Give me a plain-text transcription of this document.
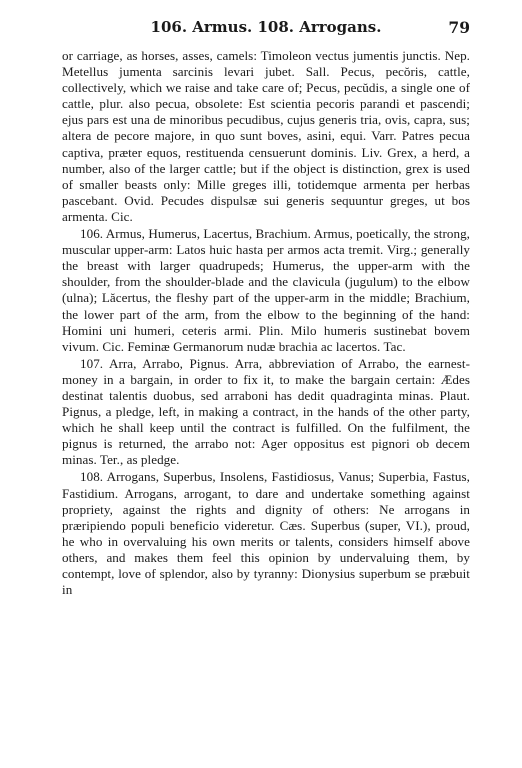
106. Armus. 108. Arrogans.	79

or carriage, as horses, asses, camels: Timoleon vectus jumentis junctis. Nep. Metellus jumenta sarcinis levari jubet. Sall. Pecus, pecŏris, cattle, collectively, which we raise and take care of; Pecus, pecŭdis, a single one of cattle, plur. also pecua, obsolete: Est scientia pecoris parandi et pascendi; ejus pars est una de minoribus pecudibus, cujus generis tria, ovis, capra, sus; altera de pecore majore, in quo sunt boves, asini, equi. Varr. Patres pecua captiva, præter equos, restituenda censuerunt dominis. Liv. Grex, a herd, a number, also of the larger cattle; but if the object is distinction, grex is used of smaller beasts only: Mille greges illi, totidemque armenta per herbas pascebant. Ovid. Pecudes dispulsæ sui generis sequuntur greges, ut bos armenta. Cic.

106. Armus, Humerus, Lacertus, Brachium. Armus, poetically, the strong, muscular upper-arm: Latos huic hasta per armos acta tremit. Virg.; generally the breast with larger quadrupeds; Humerus, the upper-arm with the shoulder, from the shoulder-blade and the clavicula (jugulum) to the elbow (ulna); Lăcertus, the fleshy part of the upper-arm in the middle; Brachium, the lower part of the arm, from the elbow to the beginning of the hand: Homini uni humeri, ceteris armi. Plin. Milo humeris sustinebat bovem vivum. Cic. Feminæ Germanorum nudæ brachia ac lacertos. Tac.

107. Arra, Arrabo, Pignus. Arra, abbreviation of Arrabo, the earnest-money in a bargain, in order to fix it, to make the bargain certain: Ædes destinat talentis duobus, sed arraboni has dedit quadraginta minas. Plaut. Pignus, a pledge, left, in making a contract, in the hands of the other party, which he shall keep until the contract is fulfilled. On the fulfilment, the pignus is returned, the arrabo not: Ager oppositus est pignori ob decem minas. Ter., as pledge.

108. Arrogans, Superbus, Insolens, Fastidiosus, Vanus; Superbia, Fastus, Fastidium. Arrogans, arrogant, to dare and undertake something against propriety, against the rights and dignity of others: Ne arrogans in præripiendo populi beneficio videretur. Cæs. Superbus (super, VI.), proud, he who in overvaluing his own merits or talents, considers himself above others, and makes them feel this opinion by undervaluing them, by contempt, love of splendor, also by tyranny: Dionysius superbum se præbuit in
